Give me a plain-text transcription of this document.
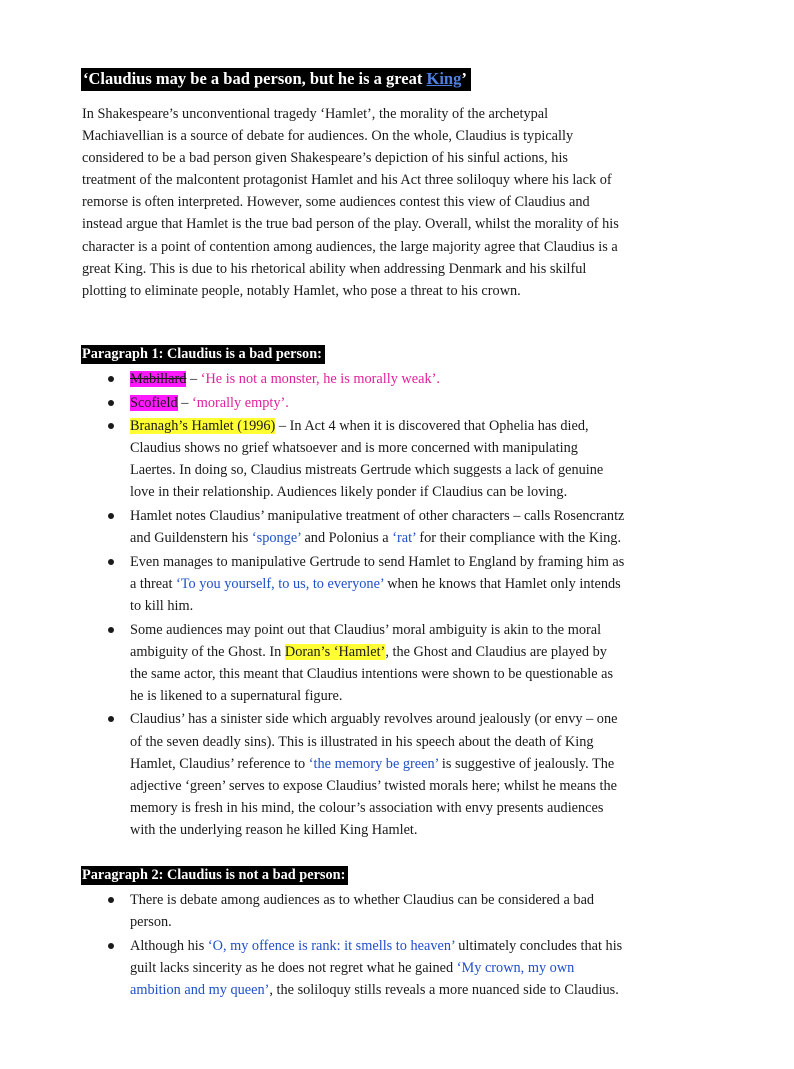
‘Claudius may be a bad person, but he is a great King’
In Shakespeare’s unconventional tragedy ‘Hamlet’, the morality of the archetypal
Machiavellian is a source of debate for audiences. On the whole, Claudius is typically
considered to be a bad person given Shakespeare’s depiction of his sinful actions, his
treatment of the malcontent protagonist Hamlet and his Act three soliloquy where his lack of
remorse is often interpreted. However, some audiences contest this view of Claudius and
instead argue that Hamlet is the true bad person of the play. Overall, whilst the morality of his
character is a point of contention among audiences, the large majority agree that Claudius is a
great King. This is due to his rhetorical ability when addressing Denmark and his skilful
plotting to eliminate people, notably Hamlet, who pose a threat to his crown.
Paragraph 1: Claudius is a bad person:
Mabillard – ‘He is not a monster, he is morally weak’.
Scofield – ‘morally empty’.
Branagh’s Hamlet (1996) – In Act 4 when it is discovered that Ophelia has died,
Claudius shows no grief whatsoever and is more concerned with manipulating
Laertes. In doing so, Claudius mistreats Gertrude which suggests a lack of genuine
love in their relationship. Audiences likely ponder if Claudius can be loving.
Hamlet notes Claudius’ manipulative treatment of other characters – calls Rosencrantz
and Guildenstern his ‘sponge’ and Polonius a ‘rat’ for their compliance with the King.
Even manages to manipulative Gertrude to send Hamlet to England by framing him as
a threat ‘To you yourself, to us, to everyone’ when he knows that Hamlet only intends
to kill him.
Some audiences may point out that Claudius’ moral ambiguity is akin to the moral
ambiguity of the Ghost. In Doran’s ‘Hamlet’, the Ghost and Claudius are played by
the same actor, this meant that Claudius intentions were shown to be questionable as
he is likened to a supernatural figure.
Claudius’ has a sinister side which arguably revolves around jealously (or envy – one
of the seven deadly sins). This is illustrated in his speech about the death of King
Hamlet, Claudius’ reference to ‘the memory be green’ is suggestive of jealously. The
adjective ‘green’ serves to expose Claudius’ twisted morals here; whilst he means the
memory is fresh in his mind, the colour’s association with envy presents audiences
with the underlying reason he killed King Hamlet.
Paragraph 2: Claudius is not a bad person:
There is debate among audiences as to whether Claudius can be considered a bad
person.
Although his ‘O, my offence is rank: it smells to heaven’ ultimately concludes that his
guilt lacks sincerity as he does not regret what he gained ‘My crown, my own
ambition and my queen’, the soliloquy stills reveals a more nuanced side to Claudius.
